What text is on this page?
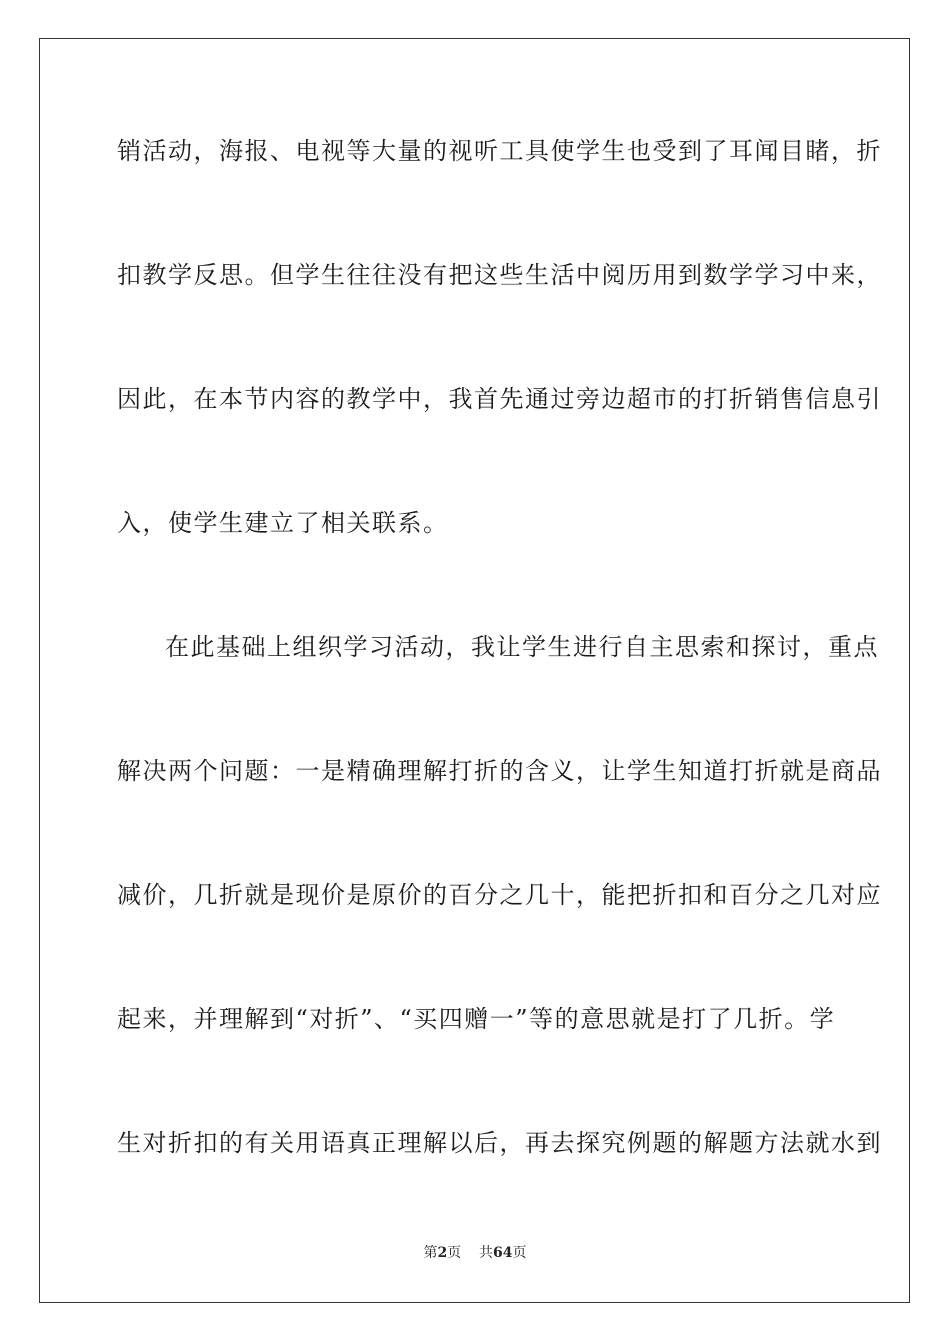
销活动，海报、电视等大量的视听工具使学生也受到了耳闻目睹，折
扣教学反思。但学生往往没有把这些生活中阅历用到数学学习中来，
因此，在本节内容的教学中，我首先通过旁边超市的打折销售信息引
入，使学生建立了相关联系。
在此基础上组织学习活动，我让学生进行自主思索和探讨，重点
解决两个问题：一是精确理解打折的含义，让学生知道打折就是商品
减价，几折就是现价是原价的百分之几十，能把折扣和百分之几对应
起来，并理解到“对折”、“买四赠一”等的意思就是打了几折。学
生对折扣的有关用语真正理解以后，再去探究例题的解题方法就水到
第2页 共64页
